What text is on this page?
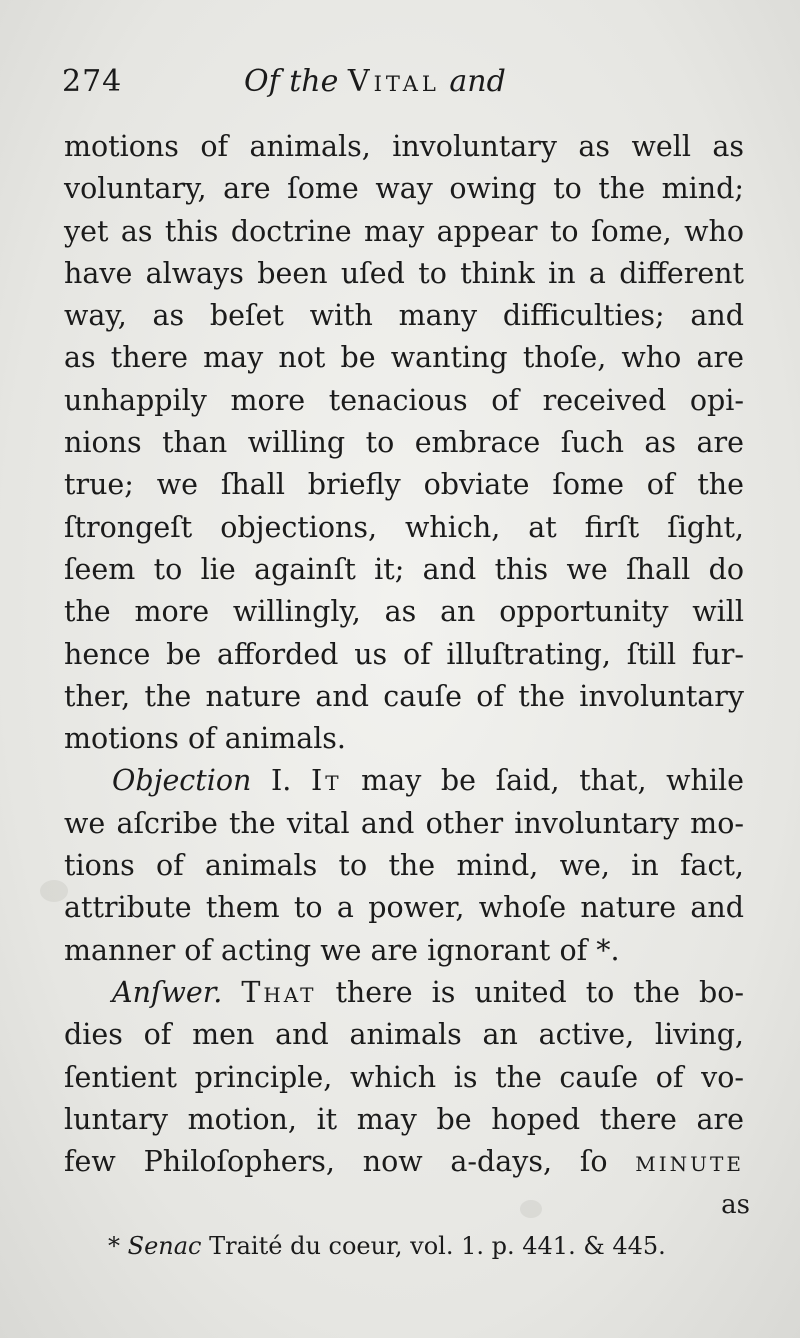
274	Of the Vital and
motions of animals, involuntary as well as
voluntary, are ſome way owing to the mind;
yet as this doctrine may appear to ſome, who
have always been uſed to think in a different
way, as beſet with many difficulties; and
as there may not be wanting thoſe, who are
unhappily more tenacious of received opi-
nions than willing to embrace ſuch as are
true; we ſhall briefly obviate ſome of the
ſtrongeſt objections, which, at firſt ſight,
ſeem to lie againſt it; and this we ſhall do
the more willingly, as an opportunity will
hence be afforded us of illuſtrating, ſtill fur-
ther, the nature and cauſe of the involuntary
motions of animals.
Objection I. It may be ſaid, that, while
we aſcribe the vital and other involuntary mo-
tions of animals to the mind, we, in fact,
attribute them to a power, whoſe nature and
manner of acting we are ignorant of *.
Anſwer. That there is united to the bo-
dies of men and animals an active, living,
ſentient principle, which is the cauſe of vo-
luntary motion, it may be hoped there are
few Philoſophers, now a-days, ſo minute
as
* Senac Traité du coeur, vol. 1. p. 441. & 445.
